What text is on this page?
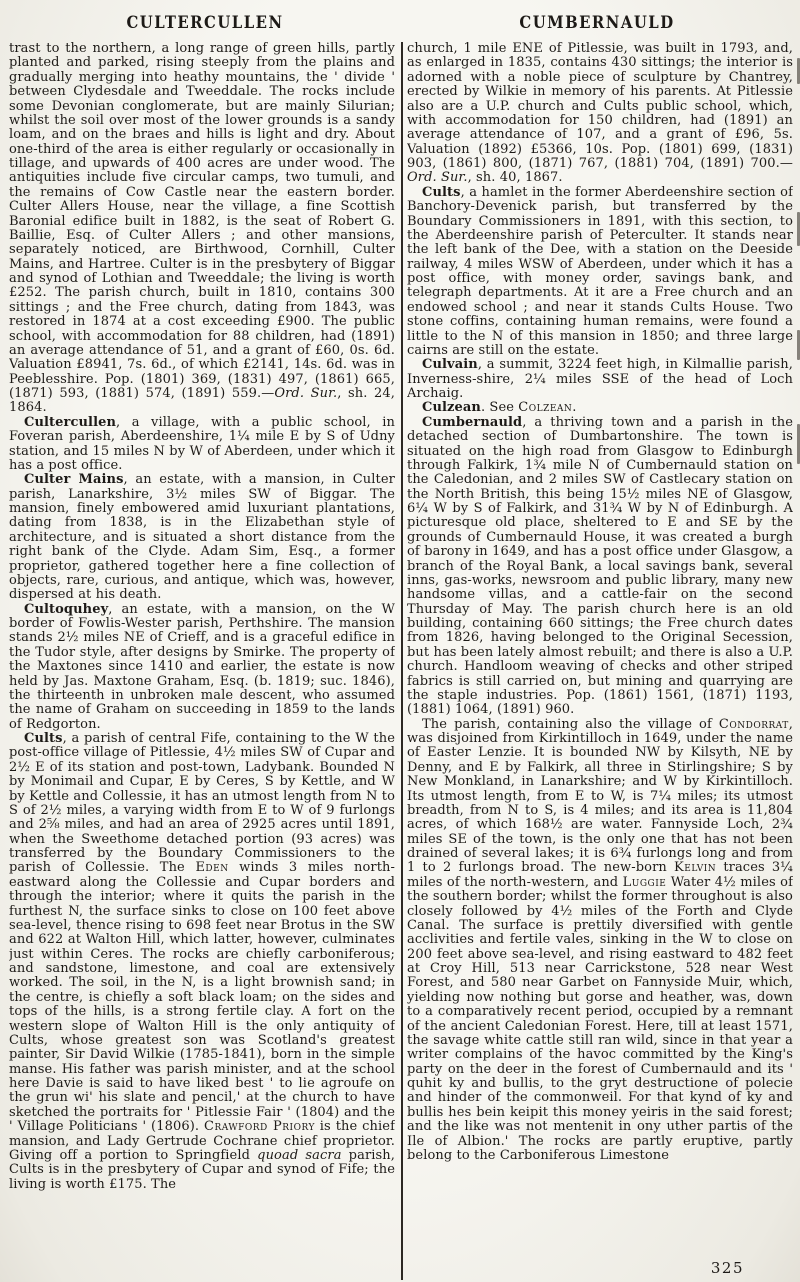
CULTERCULLEN	CUMBERNAULD

trast to the northern, a long range of green hills, partly planted and parked, rising steeply from the plains and gradually merging into heathy mountains, the ' divide ' between Clydesdale and Tweeddale. The rocks include some Devonian conglomerate, but are mainly Silurian; whilst the soil over most of the lower grounds is a sandy loam, and on the braes and hills is light and dry. About one-third of the area is either regularly or occasionally in tillage, and upwards of 400 acres are under wood. The antiquities include five circular camps, two tumuli, and the remains of Cow Castle near the eastern border. Culter Allers House, near the village, a fine Scottish Baronial edifice built in 1882, is the seat of Robert G. Baillie, Esq. of Culter Allers ; and other mansions, separately noticed, are Birthwood, Cornhill, Culter Mains, and Hartree. Culter is in the presbytery of Biggar and synod of Lothian and Tweeddale; the living is worth £252. The parish church, built in 1810, contains 300 sittings ; and the Free church, dating from 1843, was restored in 1874 at a cost exceeding £900. The public school, with accommodation for 88 children, had (1891) an average attendance of 51, and a grant of £60, 0s. 6d. Valuation £8941, 7s. 6d., of which £2141, 14s. 6d. was in Peeblesshire. Pop. (1801) 369, (1831) 497, (1861) 665, (1871) 593, (1881) 574, (1891) 559.—Ord. Sur., sh. 24, 1864.

Cultercullen, a village, with a public school, in Foveran parish, Aberdeenshire, 1¼ mile E by S of Udny station, and 15 miles N by W of Aberdeen, under which it has a post office.

Culter Mains, an estate, with a mansion, in Culter parish, Lanarkshire, 3½ miles SW of Biggar. The mansion, finely embowered amid luxuriant plantations, dating from 1838, is in the Elizabethan style of architecture, and is situated a short distance from the right bank of the Clyde. Adam Sim, Esq., a former proprietor, gathered together here a fine collection of objects, rare, curious, and antique, which was, however, dispersed at his death.

Cultoquhey, an estate, with a mansion, on the W border of Fowlis-Wester parish, Perthshire. The mansion stands 2½ miles NE of Crieff, and is a graceful edifice in the Tudor style, after designs by Smirke. The property of the Maxtones since 1410 and earlier, the estate is now held by Jas. Maxtone Graham, Esq. (b. 1819; suc. 1846), the thirteenth in unbroken male descent, who assumed the name of Graham on succeeding in 1859 to the lands of Redgorton.

Cults, a parish of central Fife, containing to the W the post-office village of Pitlessie, 4½ miles SW of Cupar and 2½ E of its station and post-town, Ladybank. Bounded N by Monimail and Cupar, E by Ceres, S by Kettle, and W by Kettle and Collessie, it has an utmost length from N to S of 2½ miles, a varying width from E to W of 9 furlongs and 2⅝ miles, and had an area of 2925 acres until 1891, when the Sweethome detached portion (93 acres) was transferred by the Boundary Commissioners to the parish of Collessie. The Eden winds 3 miles north-eastward along the Collessie and Cupar borders and through the interior; where it quits the parish in the furthest N, the surface sinks to close on 100 feet above sea-level, thence rising to 698 feet near Brotus in the SW and 622 at Walton Hill, which latter, however, culminates just within Ceres. The rocks are chiefly carboniferous; and sandstone, limestone, and coal are extensively worked. The soil, in the N, is a light brownish sand; in the centre, is chiefly a soft black loam; on the sides and tops of the hills, is a strong fertile clay. A fort on the western slope of Walton Hill is the only antiquity of Cults, whose greatest son was Scotland's greatest painter, Sir David Wilkie (1785-1841), born in the simple manse. His father was parish minister, and at the school here Davie is said to have liked best ' to lie agroufe on the grun wi' his slate and pencil,' at the church to have sketched the portraits for ' Pitlessie Fair ' (1804) and the ' Village Politicians ' (1806). Crawford Priory is the chief mansion, and Lady Gertrude Cochrane chief proprietor. Giving off a portion to Springfield quoad sacra parish, Cults is in the presbytery of Cupar and synod of Fife; the living is worth £175. The

church, 1 mile ENE of Pitlessie, was built in 1793, and, as enlarged in 1835, contains 430 sittings; the interior is adorned with a noble piece of sculpture by Chantrey, erected by Wilkie in memory of his parents. At Pitlessie also are a U.P. church and Cults public school, which, with accommodation for 150 children, had (1891) an average attendance of 107, and a grant of £96, 5s. Valuation (1892) £5366, 10s. Pop. (1801) 699, (1831) 903, (1861) 800, (1871) 767, (1881) 704, (1891) 700.—Ord. Sur., sh. 40, 1867.

Cults, a hamlet in the former Aberdeenshire section of Banchory-Devenick parish, but transferred by the Boundary Commissioners in 1891, with this section, to the Aberdeenshire parish of Peterculter. It stands near the left bank of the Dee, with a station on the Deeside railway, 4 miles WSW of Aberdeen, under which it has a post office, with money order, savings bank, and telegraph departments. At it are a Free church and an endowed school ; and near it stands Cults House. Two stone coffins, containing human remains, were found a little to the N of this mansion in 1850; and three large cairns are still on the estate.

Culvain, a summit, 3224 feet high, in Kilmallie parish, Inverness-shire, 2¼ miles SSE of the head of Loch Archaig.

Culzean. See Colzean.

Cumbernauld, a thriving town and a parish in the detached section of Dumbartonshire. The town is situated on the high road from Glasgow to Edinburgh through Falkirk, 1¾ mile N of Cumbernauld station on the Caledonian, and 2 miles SW of Castlecary station on the North British, this being 15½ miles NE of Glasgow, 6¼ W by S of Falkirk, and 31¾ W by N of Edinburgh. A picturesque old place, sheltered to E and SE by the grounds of Cumbernauld House, it was created a burgh of barony in 1649, and has a post office under Glasgow, a branch of the Royal Bank, a local savings bank, several inns, gas-works, newsroom and public library, many new handsome villas, and a cattle-fair on the second Thursday of May. The parish church here is an old building, containing 660 sittings; the Free church dates from 1826, having belonged to the Original Secession, but has been lately almost rebuilt; and there is also a U.P. church. Handloom weaving of checks and other striped fabrics is still carried on, but mining and quarrying are the staple industries. Pop. (1861) 1561, (1871) 1193, (1881) 1064, (1891) 960.

The parish, containing also the village of Condorrat, was disjoined from Kirkintilloch in 1649, under the name of Easter Lenzie. It is bounded NW by Kilsyth, NE by Denny, and E by Falkirk, all three in Stirlingshire; S by New Monkland, in Lanarkshire; and W by Kirkintilloch. Its utmost length, from E to W, is 7¼ miles; its utmost breadth, from N to S, is 4 miles; and its area is 11,804 acres, of which 168½ are water. Fannyside Loch, 2¾ miles SE of the town, is the only one that has not been drained of several lakes; it is 6¾ furlongs long and from 1 to 2 furlongs broad. The new-born Kelvin traces 3¼ miles of the north-western, and Luggie Water 4½ miles of the southern border; whilst the former throughout is also closely followed by 4½ miles of the Forth and Clyde Canal. The surface is prettily diversified with gentle acclivities and fertile vales, sinking in the W to close on 200 feet above sea-level, and rising eastward to 482 feet at Croy Hill, 513 near Carrickstone, 528 near West Forest, and 580 near Garbet on Fannyside Muir, which, yielding now nothing but gorse and heather, was, down to a comparatively recent period, occupied by a remnant of the ancient Caledonian Forest. Here, till at least 1571, the savage white cattle still ran wild, since in that year a writer complains of the havoc committed by the King's party on the deer in the forest of Cumbernauld and its ' quhit ky and bullis, to the gryt destructione of polecie and hinder of the commonweil. For that kynd of ky and bullis hes bein keipit this money yeiris in the said forest; and the like was not mentenit in ony uther partis of the Ile of Albion.' The rocks are partly eruptive, partly belong to the Carboniferous Limestone

325
